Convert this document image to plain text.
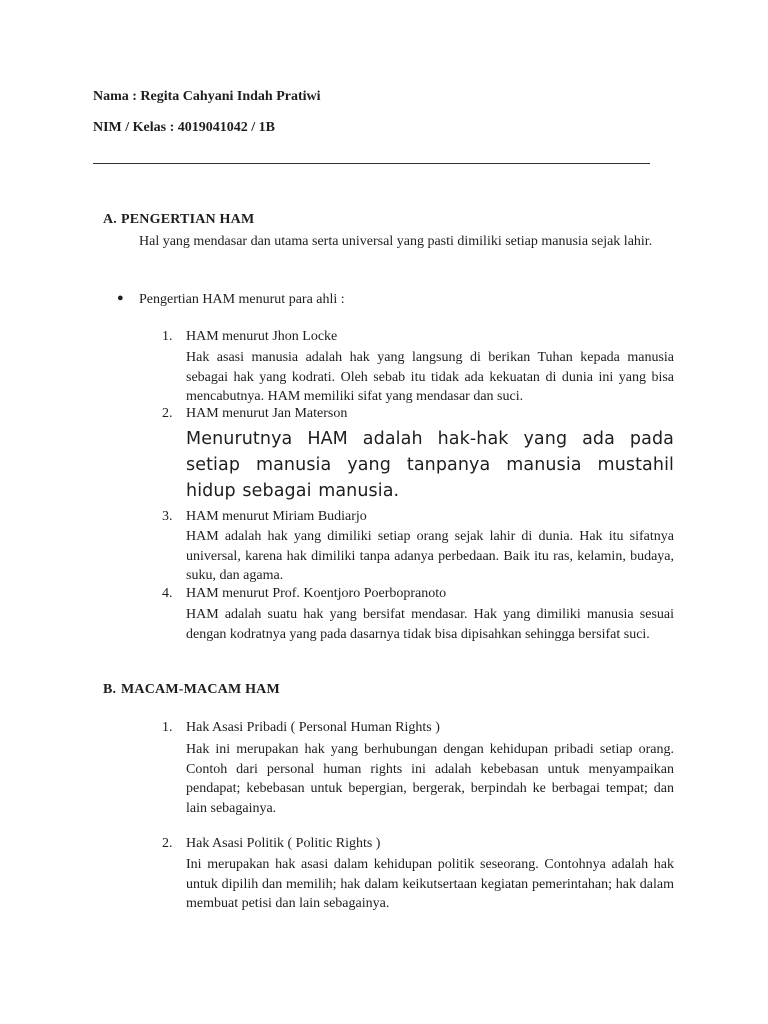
Nama : Regita Cahyani Indah Pratiwi
NIM / Kelas : 4019041042 / 1B
A. PENGERTIAN HAM
Hal yang mendasar dan utama serta universal yang pasti dimiliki setiap manusia sejak lahir.
● Pengertian HAM menurut para ahli :
1. HAM menurut Jhon Locke
Hak asasi manusia adalah hak yang langsung di berikan Tuhan kepada manusia sebagai hak yang kodrati. Oleh sebab itu tidak ada kekuatan di dunia ini yang bisa mencabutnya. HAM memiliki sifat yang mendasar dan suci.
2. HAM menurut Jan Materson
Menurutnya HAM adalah hak-hak yang ada pada setiap manusia yang tanpanya manusia mustahil hidup sebagai manusia.
3. HAM menurut Miriam Budiarjo
HAM adalah hak yang dimiliki setiap orang sejak lahir di dunia. Hak itu sifatnya universal, karena hak dimiliki tanpa adanya perbedaan. Baik itu ras, kelamin, budaya, suku, dan agama.
4. HAM menurut Prof. Koentjoro Poerbopranoto
HAM adalah suatu hak yang bersifat mendasar. Hak yang dimiliki manusia sesuai dengan kodratnya yang pada dasarnya tidak bisa dipisahkan sehingga bersifat suci.
B. MACAM-MACAM HAM
1. Hak Asasi Pribadi ( Personal Human Rights )
Hak ini merupakan hak yang berhubungan dengan kehidupan pribadi setiap orang. Contoh dari personal human rights ini adalah kebebasan untuk menyampaikan pendapat; kebebasan untuk bepergian, bergerak, berpindah ke berbagai tempat; dan lain sebagainya.
2. Hak Asasi Politik ( Politic Rights )
Ini merupakan hak asasi dalam kehidupan politik seseorang. Contohnya adalah hak untuk dipilih dan memilih; hak dalam keikutsertaan kegiatan pemerintahan; hak dalam membuat petisi dan lain sebagainya.
